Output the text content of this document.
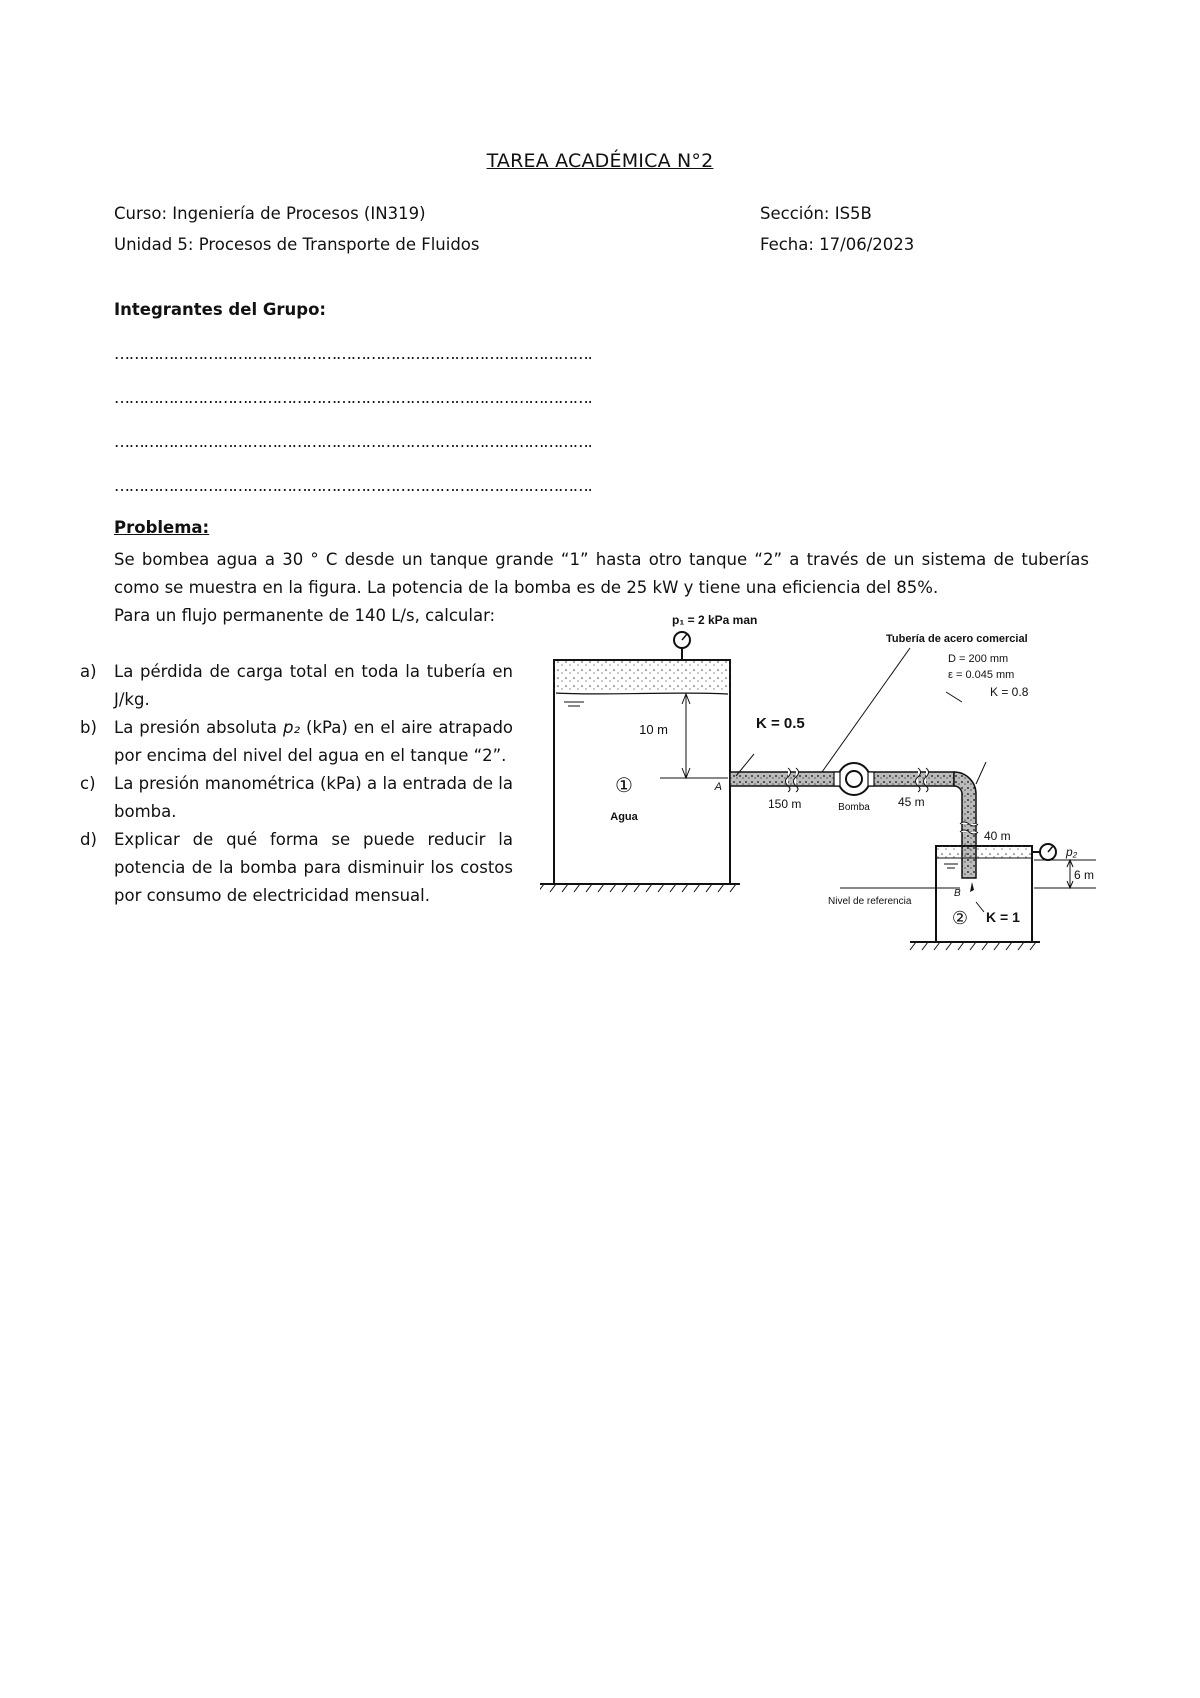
TAREA ACADÉMICA N°2
Curso: Ingeniería de Procesos (IN319)	Sección: IS5B
Unidad 5: Procesos de Transporte de Fluidos	Fecha: 17/06/2023
Integrantes del Grupo:
…………………………………………………………………………………….
…………………………………………………………………………………….
…………………………………………………………………………………….
…………………………………………………………………………………….
Problema:

Se bombea agua a 30 ° C desde un tanque grande “1” hasta otro tanque “2” a través de un sistema de tuberías como se muestra en la figura. La potencia de la bomba es de 25 kW y tiene una eficiencia del 85%.

Para un flujo permanente de 140 L/s, calcular:

a) La pérdida de carga total en toda la tubería en J/kg.
b) La presión absoluta p₂ (kPa) en el aire atrapado por encima del nivel del agua en el tanque “2”.
c) La presión manométrica (kPa) a la entrada de la bomba.
d) Explicar de qué forma se puede reducir la potencia de la bomba para disminuir los costos por consumo de electricidad mensual.
p₁ = 2 kPa man
10 m
①
Agua
A
Bomba
Tubería de acero comercial
D = 200 mm
ε = 0.045 mm
K = 0.8
K = 0.5
150 m	45 m
40 m
p₂
6 m
Nivel de referencia
B
② K = 1
